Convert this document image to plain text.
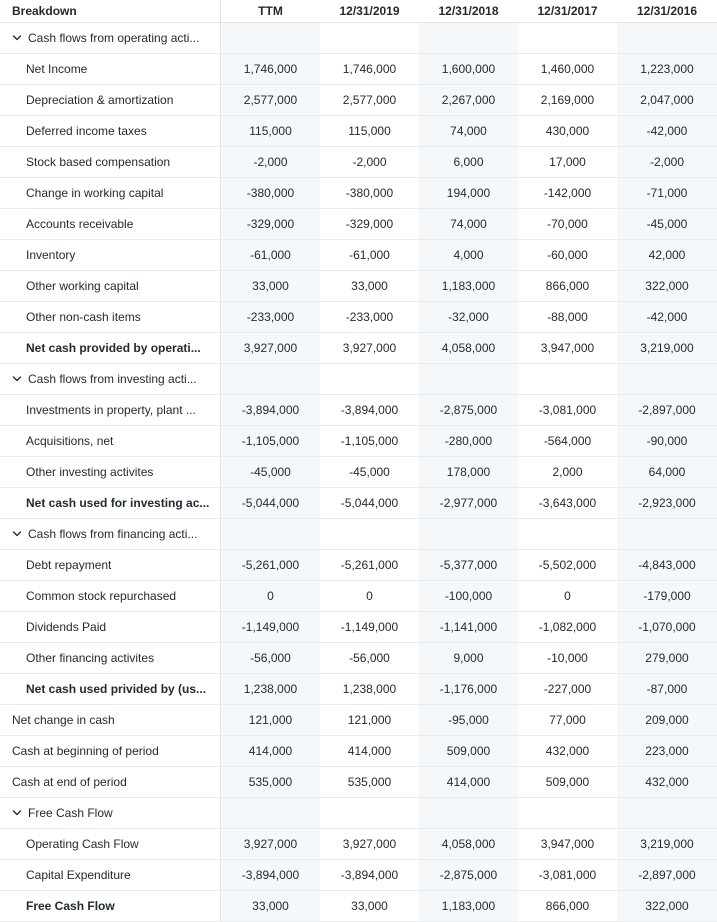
Breakdown	TTM	12/31/2019	12/31/2018	12/31/2017	12/31/2016
Cash flows from operating acti...
Net Income	1,746,000	1,746,000	1,600,000	1,460,000	1,223,000
Depreciation & amortization	2,577,000	2,577,000	2,267,000	2,169,000	2,047,000
Deferred income taxes	115,000	115,000	74,000	430,000	-42,000
Stock based compensation	-2,000	-2,000	6,000	17,000	-2,000
Change in working capital	-380,000	-380,000	194,000	-142,000	-71,000
Accounts receivable	-329,000	-329,000	74,000	-70,000	-45,000
Inventory	-61,000	-61,000	4,000	-60,000	42,000
Other working capital	33,000	33,000	1,183,000	866,000	322,000
Other non-cash items	-233,000	-233,000	-32,000	-88,000	-42,000
Net cash provided by operati...	3,927,000	3,927,000	4,058,000	3,947,000	3,219,000
Cash flows from investing acti...
Investments in property, plant ...	-3,894,000	-3,894,000	-2,875,000	-3,081,000	-2,897,000
Acquisitions, net	-1,105,000	-1,105,000	-280,000	-564,000	-90,000
Other investing activites	-45,000	-45,000	178,000	2,000	64,000
Net cash used for investing ac...	-5,044,000	-5,044,000	-2,977,000	-3,643,000	-2,923,000
Cash flows from financing acti...
Debt repayment	-5,261,000	-5,261,000	-5,377,000	-5,502,000	-4,843,000
Common stock repurchased	0	0	-100,000	0	-179,000
Dividends Paid	-1,149,000	-1,149,000	-1,141,000	-1,082,000	-1,070,000
Other financing activites	-56,000	-56,000	9,000	-10,000	279,000
Net cash used privided by (us...	1,238,000	1,238,000	-1,176,000	-227,000	-87,000
Net change in cash	121,000	121,000	-95,000	77,000	209,000
Cash at beginning of period	414,000	414,000	509,000	432,000	223,000
Cash at end of period	535,000	535,000	414,000	509,000	432,000
Free Cash Flow
Operating Cash Flow	3,927,000	3,927,000	4,058,000	3,947,000	3,219,000
Capital Expenditure	-3,894,000	-3,894,000	-2,875,000	-3,081,000	-2,897,000
Free Cash Flow	33,000	33,000	1,183,000	866,000	322,000
